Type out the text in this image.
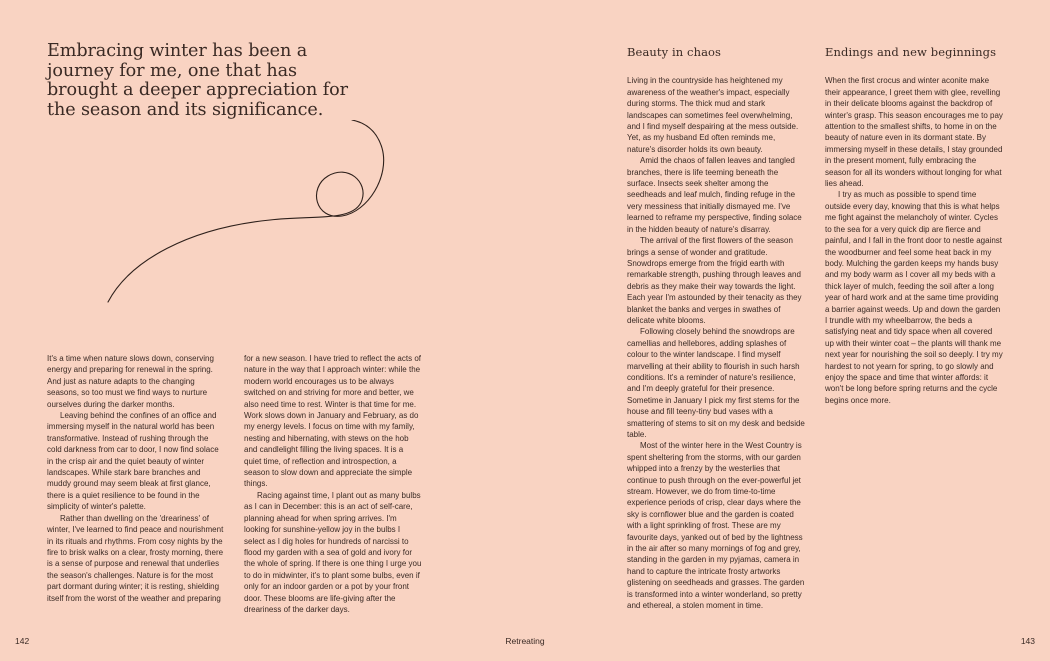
Embracing winter has been a journey for me, one that has brought a deeper appreciation for the season and its significance.

It's a time when nature slows down, conserving energy and preparing for renewal in the spring. And just as nature adapts to the changing seasons, so too must we find ways to nurture ourselves during the darker months.

Leaving behind the confines of an office and immersing myself in the natural world has been transformative. Instead of rushing through the cold darkness from car to door, I now find solace in the crisp air and the quiet beauty of winter landscapes. While stark bare branches and muddy ground may seem bleak at first glance, there is a quiet resilience to be found in the simplicity of winter's palette.

Rather than dwelling on the 'dreariness' of winter, I've learned to find peace and nourishment in its rituals and rhythms. From cosy nights by the fire to brisk walks on a clear, frosty morning, there is a sense of purpose and renewal that underlies the season's challenges. Nature is for the most part dormant during winter; it is resting, shielding itself from the worst of the weather and preparing

for a new season. I have tried to reflect the acts of nature in the way that I approach winter: while the modern world encourages us to be always switched on and striving for more and better, we also need time to rest. Winter is that time for me. Work slows down in January and February, as do my energy levels. I focus on time with my family, nesting and hibernating, with stews on the hob and candlelight filling the living spaces. It is a quiet time, of reflection and introspection, a season to slow down and appreciate the simple things.

Racing against time, I plant out as many bulbs as I can in December: this is an act of self-care, planning ahead for when spring arrives. I'm looking for sunshine-yellow joy in the bulbs I select as I dig holes for hundreds of narcissi to flood my garden with a sea of gold and ivory for the whole of spring. If there is one thing I urge you to do in midwinter, it's to plant some bulbs, even if only for an indoor garden or a pot by your front door. These blooms are life-giving after the dreariness of the darker days.

Beauty in chaos

Living in the countryside has heightened my awareness of the weather's impact, especially during storms. The thick mud and stark landscapes can sometimes feel overwhelming, and I find myself despairing at the mess outside. Yet, as my husband Ed often reminds me, nature's disorder holds its own beauty.

Amid the chaos of fallen leaves and tangled branches, there is life teeming beneath the surface. Insects seek shelter among the seedheads and leaf mulch, finding refuge in the very messiness that initially dismayed me. I've learned to reframe my perspective, finding solace in the hidden beauty of nature's disarray.

The arrival of the first flowers of the season brings a sense of wonder and gratitude. Snowdrops emerge from the frigid earth with remarkable strength, pushing through leaves and debris as they make their way towards the light. Each year I'm astounded by their tenacity as they blanket the banks and verges in swathes of delicate white blooms.

Following closely behind the snowdrops are camellias and hellebores, adding splashes of colour to the winter landscape. I find myself marvelling at their ability to flourish in such harsh conditions. It's a reminder of nature's resilience, and I'm deeply grateful for their presence. Sometime in January I pick my first stems for the house and fill teeny-tiny bud vases with a smattering of stems to sit on my desk and bedside table.

Most of the winter here in the West Country is spent sheltering from the storms, with our garden whipped into a frenzy by the westerlies that continue to push through on the ever-powerful jet stream. However, we do from time-to-time experience periods of crisp, clear days where the sky is cornflower blue and the garden is coated with a light sprinkling of frost. These are my favourite days, yanked out of bed by the lightness in the air after so many mornings of fog and grey, standing in the garden in my pyjamas, camera in hand to capture the intricate frosty artworks glistening on seedheads and grasses. The garden is transformed into a winter wonderland, so pretty and ethereal, a stolen moment in time.

Endings and new beginnings

When the first crocus and winter aconite make their appearance, I greet them with glee, revelling in their delicate blooms against the backdrop of winter's grasp. This season encourages me to pay attention to the smallest shifts, to home in on the beauty of nature even in its dormant state. By immersing myself in these details, I stay grounded in the present moment, fully embracing the season for all its wonders without longing for what lies ahead.

I try as much as possible to spend time outside every day, knowing that this is what helps me fight against the melancholy of winter. Cycles to the sea for a very quick dip are fierce and painful, and I fall in the front door to nestle against the woodburner and feel some heat back in my body. Mulching the garden keeps my hands busy and my body warm as I cover all my beds with a thick layer of mulch, feeding the soil after a long year of hard work and at the same time providing a barrier against weeds. Up and down the garden I trundle with my wheelbarrow, the beds a satisfying neat and tidy space when all covered up with their winter coat – the plants will thank me next year for nourishing the soil so deeply. I try my hardest to not yearn for spring, to go slowly and enjoy the space and time that winter affords: it won't be long before spring returns and the cycle begins once more.

142	Retreating	143
